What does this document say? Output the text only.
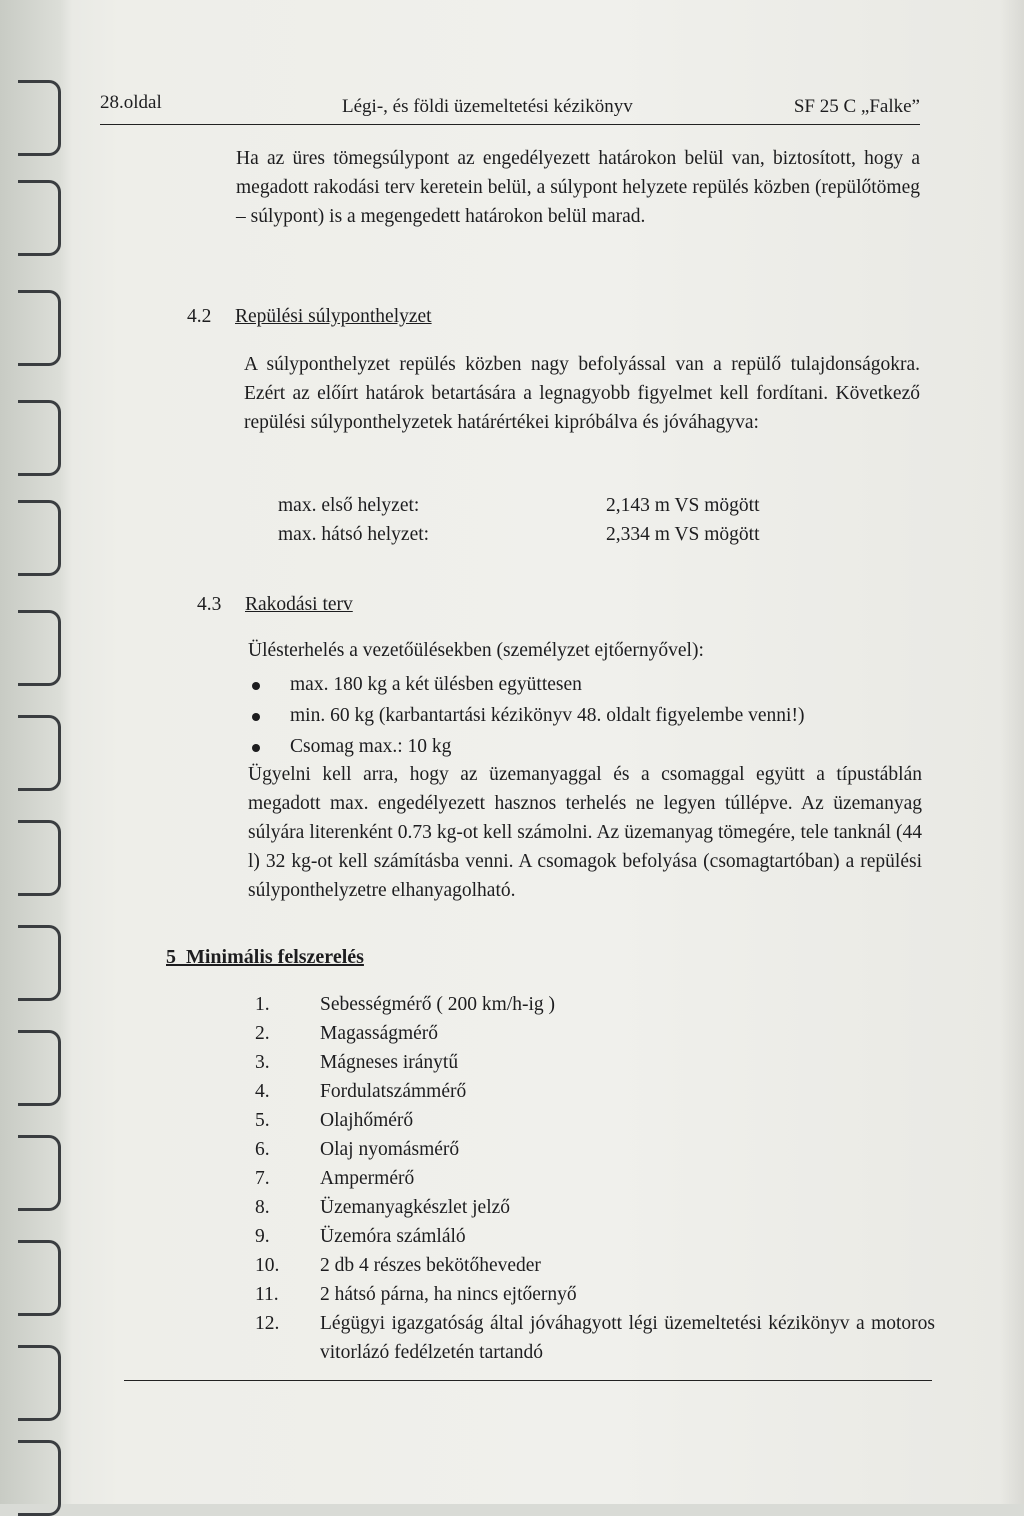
28.oldal	Légi-, és földi üzemeltetési kézikönyv	SF 25 C „Falke”
Ha az üres tömegsúlypont az engedélyezett határokon belül van, biztosított, hogy a megadott rakodási terv keretein belül, a súlypont helyzete repülés közben (repülőtömeg – súlypont) is a megengedett határokon belül marad.
4.2 Repülési súlyponthelyzet
A súlyponthelyzet repülés közben nagy befolyással van a repülő tulajdonságokra. Ezért az előírt határok betartására a legnagyobb figyelmet kell fordítani. Következő repülési súlyponthelyzetek határértékei kipróbálva és jóváhagyva:
max. első helyzet:	2,143 m VS mögött
max. hátsó helyzet:	2,334 m VS mögött
4.3 Rakodási terv
Ülésterhelés a vezetőülésekben (személyzet ejtőernyővel):
max. 180 kg a két ülésben együttesen
min. 60 kg (karbantartási kézikönyv 48. oldalt figyelembe venni!)
Csomag max.: 10 kg
Ügyelni kell arra, hogy az üzemanyaggal és a csomaggal együtt a típustáblán megadott max. engedélyezett hasznos terhelés ne legyen túllépve. Az üzemanyag súlyára literenként 0.73 kg-ot kell számolni. Az üzemanyag tömegére, tele tanknál (44 l) 32 kg-ot kell számításba venni. A csomagok befolyása (csomagtartóban) a repülési súlyponthelyzetre elhanyagolható.
5 Minimális felszerelés
1.	Sebességmérő ( 200 km/h-ig )
2.	Magasságmérő
3.	Mágneses iránytű
4.	Fordulatszámmérő
5.	Olajhőmérő
6.	Olaj nyomásmérő
7.	Ampermérő
8.	Üzemanyagkészlet jelző
9.	Üzemóra számláló
10.	2 db 4 részes bekötőheveder
11.	2 hátsó párna, ha nincs ejtőernyő
12.	Légügyi igazgatóság által jóváhagyott légi üzemeltetési kézikönyv a motoros vitorlázó fedélzetén tartandó
